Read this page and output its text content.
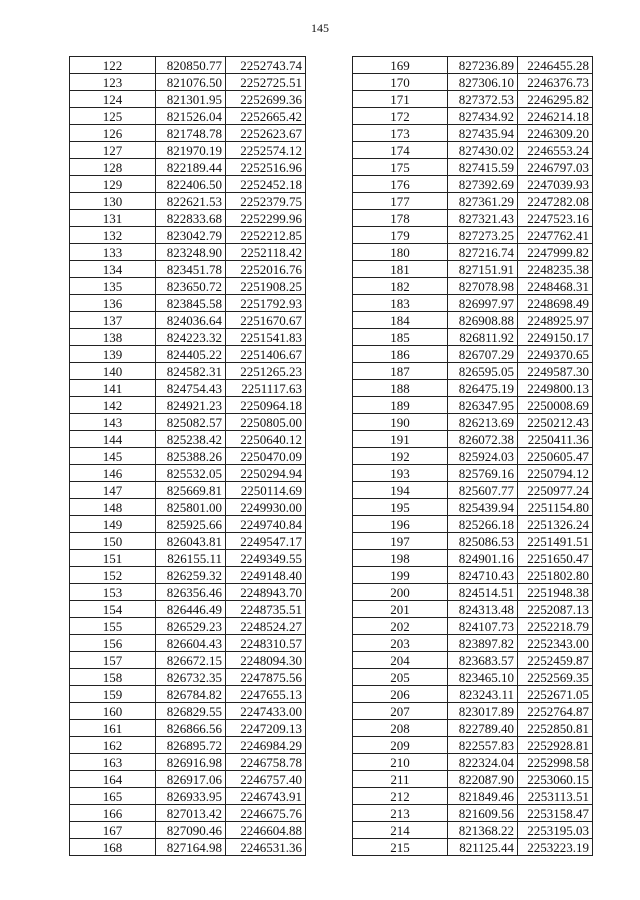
145
122	820850.77	2252743.74
123	821076.50	2252725.51
124	821301.95	2252699.36
125	821526.04	2252665.42
126	821748.78	2252623.67
127	821970.19	2252574.12
128	822189.44	2252516.96
129	822406.50	2252452.18
130	822621.53	2252379.75
131	822833.68	2252299.96
132	823042.79	2252212.85
133	823248.90	2252118.42
134	823451.78	2252016.76
135	823650.72	2251908.25
136	823845.58	2251792.93
137	824036.64	2251670.67
138	824223.32	2251541.83
139	824405.22	2251406.67
140	824582.31	2251265.23
141	824754.43	2251117.63
142	824921.23	2250964.18
143	825082.57	2250805.00
144	825238.42	2250640.12
145	825388.26	2250470.09
146	825532.05	2250294.94
147	825669.81	2250114.69
148	825801.00	2249930.00
149	825925.66	2249740.84
150	826043.81	2249547.17
151	826155.11	2249349.55
152	826259.32	2249148.40
153	826356.46	2248943.70
154	826446.49	2248735.51
155	826529.23	2248524.27
156	826604.43	2248310.57
157	826672.15	2248094.30
158	826732.35	2247875.56
159	826784.82	2247655.13
160	826829.55	2247433.00
161	826866.56	2247209.13
162	826895.72	2246984.29
163	826916.98	2246758.78
164	826917.06	2246757.40
165	826933.95	2246743.91
166	827013.42	2246675.76
167	827090.46	2246604.88
168	827164.98	2246531.36
169	827236.89	2246455.28
170	827306.10	2246376.73
171	827372.53	2246295.82
172	827434.92	2246214.18
173	827435.94	2246309.20
174	827430.02	2246553.24
175	827415.59	2246797.03
176	827392.69	2247039.93
177	827361.29	2247282.08
178	827321.43	2247523.16
179	827273.25	2247762.41
180	827216.74	2247999.82
181	827151.91	2248235.38
182	827078.98	2248468.31
183	826997.97	2248698.49
184	826908.88	2248925.97
185	826811.92	2249150.17
186	826707.29	2249370.65
187	826595.05	2249587.30
188	826475.19	2249800.13
189	826347.95	2250008.69
190	826213.69	2250212.43
191	826072.38	2250411.36
192	825924.03	2250605.47
193	825769.16	2250794.12
194	825607.77	2250977.24
195	825439.94	2251154.80
196	825266.18	2251326.24
197	825086.53	2251491.51
198	824901.16	2251650.47
199	824710.43	2251802.80
200	824514.51	2251948.38
201	824313.48	2252087.13
202	824107.73	2252218.79
203	823897.82	2252343.00
204	823683.57	2252459.87
205	823465.10	2252569.35
206	823243.11	2252671.05
207	823017.89	2252764.87
208	822789.40	2252850.81
209	822557.83	2252928.81
210	822324.04	2252998.58
211	822087.90	2253060.15
212	821849.46	2253113.51
213	821609.56	2253158.47
214	821368.22	2253195.03
215	821125.44	2253223.19
